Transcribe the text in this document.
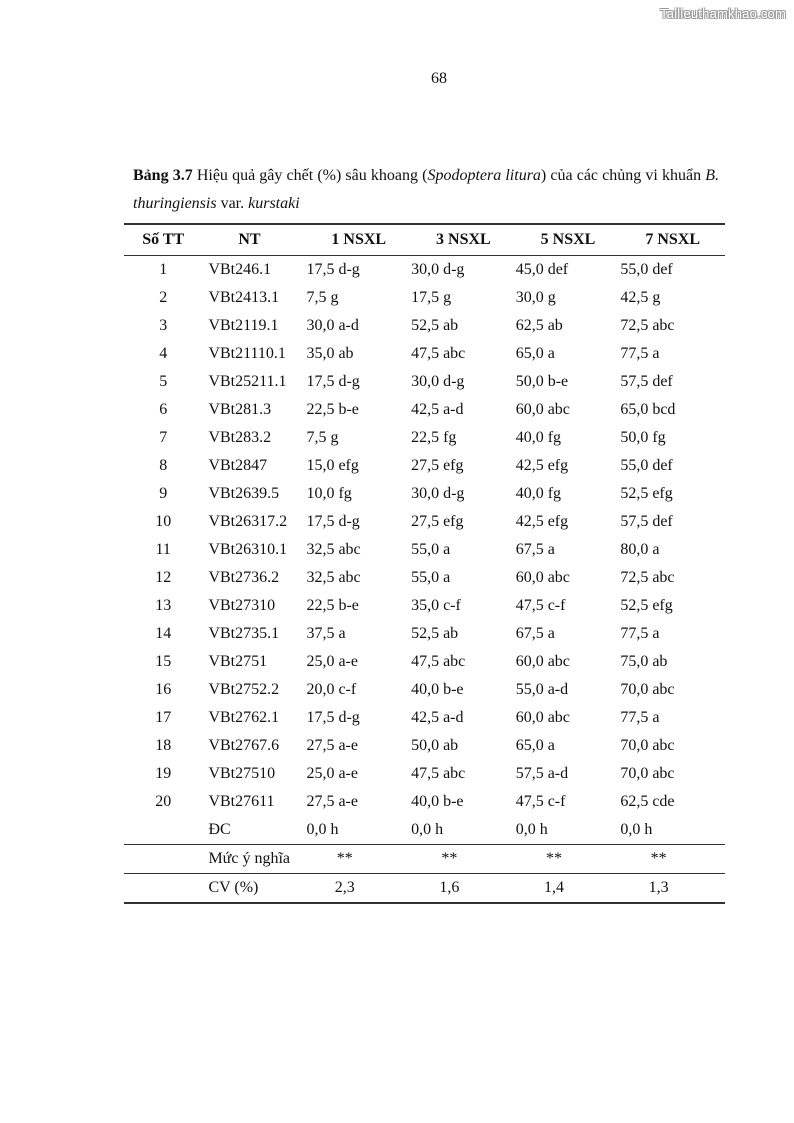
Tailieuthamkhao.com
68

Bảng 3.7 Hiệu quả gây chết (%) sâu khoang (Spodoptera litura) của các chủng vi khuẩn B. thuringiensis var. kurstaki

Số TT	NT	1 NSXL	3 NSXL	5 NSXL	7 NSXL
1	VBt246.1	17,5 d-g	30,0 d-g	45,0 def	55,0 def
2	VBt2413.1	7,5 g	17,5 g	30,0 g	42,5 g
3	VBt2119.1	30,0 a-d	52,5 ab	62,5 ab	72,5 abc
4	VBt21110.1	35,0 ab	47,5 abc	65,0 a	77,5 a
5	VBt25211.1	17,5 d-g	30,0 d-g	50,0 b-e	57,5 def
6	VBt281.3	22,5 b-e	42,5 a-d	60,0 abc	65,0 bcd
7	VBt283.2	7,5 g	22,5 fg	40,0 fg	50,0 fg
8	VBt2847	15,0 efg	27,5 efg	42,5 efg	55,0 def
9	VBt2639.5	10,0 fg	30,0 d-g	40,0 fg	52,5 efg
10	VBt26317.2	17,5 d-g	27,5 efg	42,5 efg	57,5 def
11	VBt26310.1	32,5 abc	55,0 a	67,5 a	80,0 a
12	VBt2736.2	32,5 abc	55,0 a	60,0 abc	72,5 abc
13	VBt27310	22,5 b-e	35,0 c-f	47,5 c-f	52,5 efg
14	VBt2735.1	37,5 a	52,5 ab	67,5 a	77,5 a
15	VBt2751	25,0 a-e	47,5 abc	60,0 abc	75,0 ab
16	VBt2752.2	20,0 c-f	40,0 b-e	55,0 a-d	70,0 abc
17	VBt2762.1	17,5 d-g	42,5 a-d	60,0 abc	77,5 a
18	VBt2767.6	27,5 a-e	50,0 ab	65,0 a	70,0 abc
19	VBt27510	25,0 a-e	47,5 abc	57,5 a-d	70,0 abc
20	VBt27611	27,5 a-e	40,0 b-e	47,5 c-f	62,5 cde
	ĐC	0,0 h	0,0 h	0,0 h	0,0 h
	Mức ý nghĩa	**	**	**	**
	CV (%)	2,3	1,6	1,4	1,3
